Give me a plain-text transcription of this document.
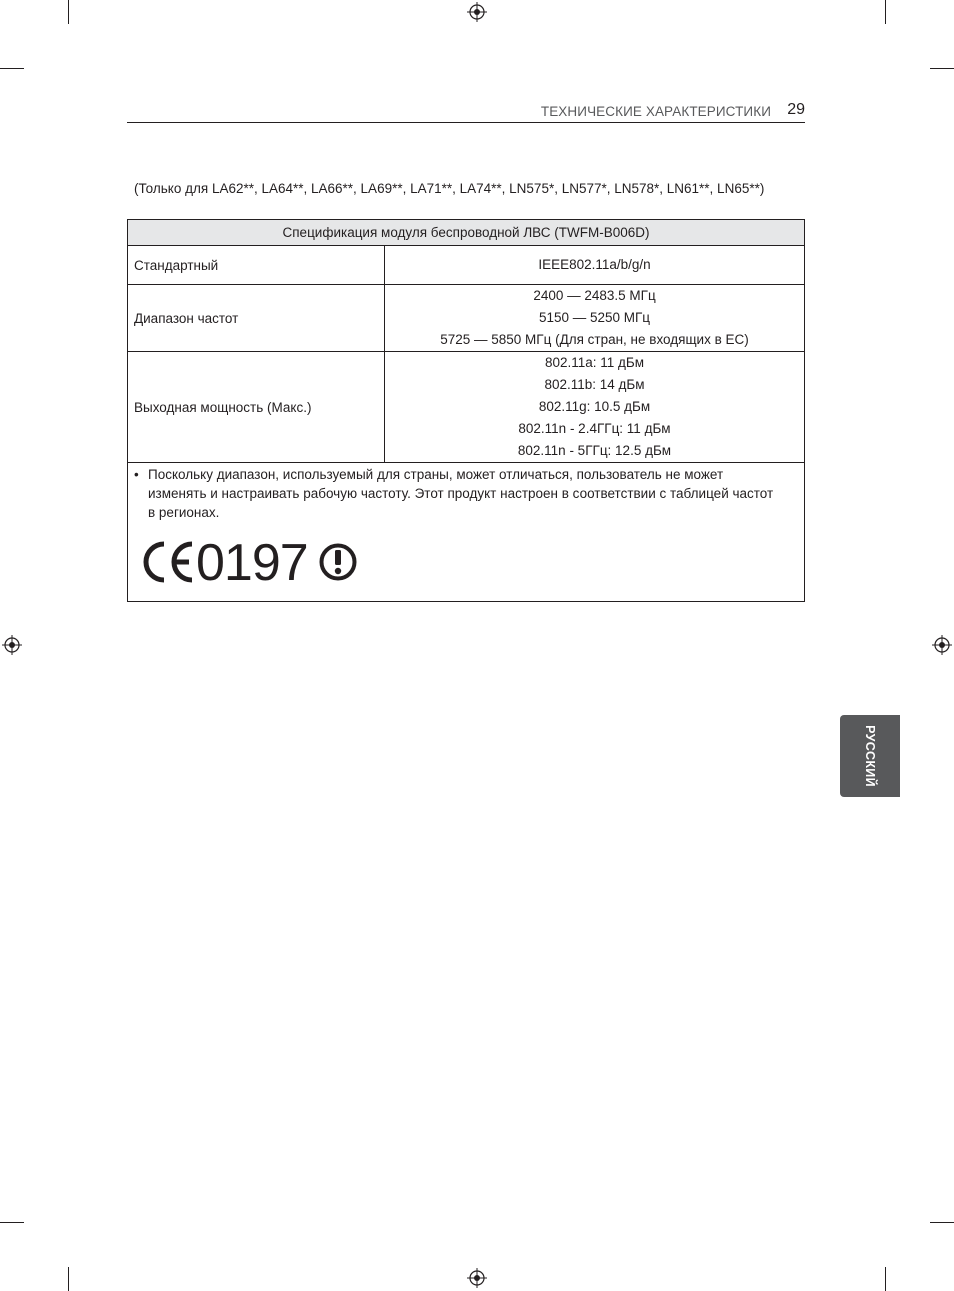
ТЕХНИЧЕСКИЕ ХАРАКТЕРИСТИКИ 29
(Только для LA62**, LA64**, LA66**, LA69**, LA71**, LA74**, LN575*, LN577*, LN578*, LN61**, LN65**)
Спецификация модуля беспроводной ЛВС (TWFM-B006D)	
Стандартный	IEEE802.11a/b/g/n

Диапазон частот	2400 — 2483.5 МГц
5150 — 5250 МГц
5725 — 5850 МГц (Для стран, не входящих в ЕС)

Выходная мощность (Макс.)	802.11a: 11 дБм
802.11b: 14 дБм
802.11g: 10.5 дБм
802.11n - 2.4ГГц: 11 дБм
802.11n - 5ГГц: 12.5 дБм

• Поскольку диапазон, используемый для страны, может отличаться, пользователь не может изменять и настраивать рабочую частоту. Этот продукт настроен в соответствии с таблицей частот в регионах.

0197	
РУССКИЙ
